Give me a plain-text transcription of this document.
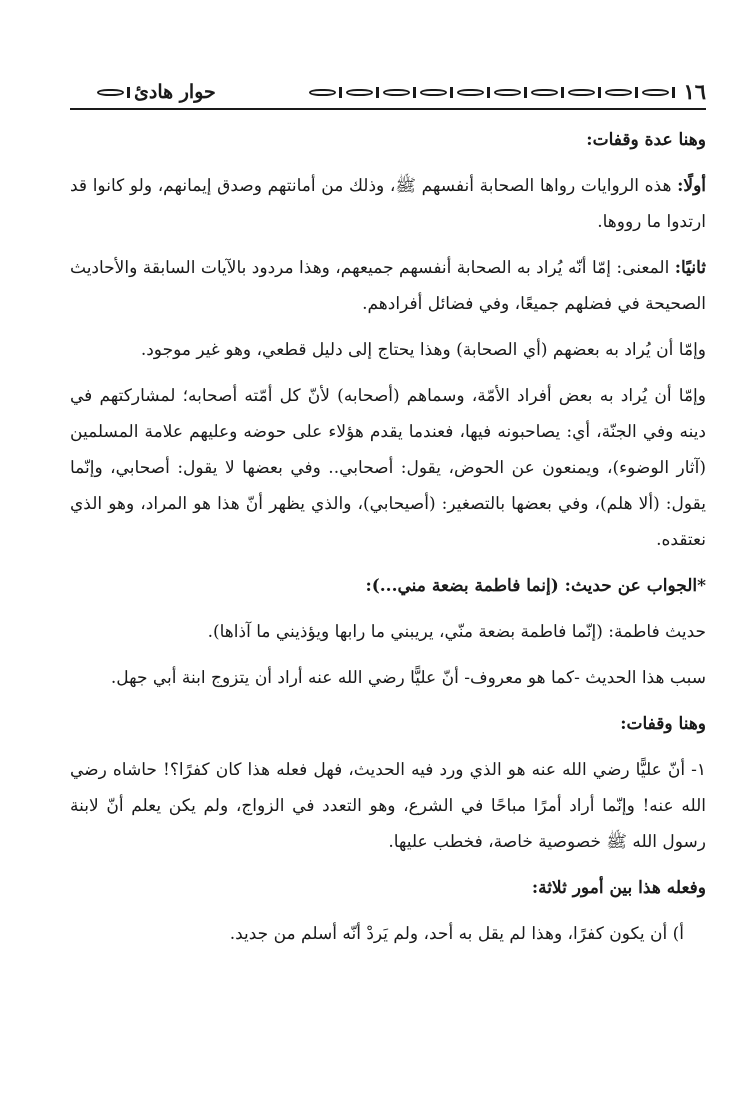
١٦
حوار هادئ

وهنا عدة وقفات:

أولًا: هذه الروايات رواها الصحابة أنفسهم ﷺ، وذلك من أمانتهم وصدق إيمانهم، ولو كانوا قد ارتدوا ما رووها.

ثانيًا: المعنى: إمّا أنّه يُراد به الصحابة أنفسهم جميعهم، وهذا مردود بالآيات السابقة والأحاديث الصحيحة في فضلهم جميعًا، وفي فضائل أفرادهم.

وإمّا أن يُراد به بعضهم (أي الصحابة) وهذا يحتاج إلى دليل قطعي، وهو غير موجود.

وإمّا أن يُراد به بعض أفراد الأمّة، وسماهم (أصحابه) لأنّ كل أمّته أصحابه؛ لمشاركتهم في دينه وفي الجنّة، أي: يصاحبونه فيها، فعندما يقدم هؤلاء على حوضه وعليهم علامة المسلمين (آثار الوضوء)، ويمنعون عن الحوض، يقول: أصحابي.. وفي بعضها لا يقول: أصحابي، وإنّما يقول: (ألا هلم)، وفي بعضها بالتصغير: (أصيحابي)، والذي يظهر أنّ هذا هو المراد، وهو الذي نعتقده.

*الجواب عن حديث: (إنما فاطمة بضعة مني...):

حديث فاطمة: (إنّما فاطمة بضعة منّي، يريبني ما رابها ويؤذيني ما آذاها).

سبب هذا الحديث -كما هو معروف- أنّ عليًّا رضي الله عنه أراد أن يتزوج ابنة أبي جهل.

وهنا وقفات:

١- أنّ عليًّا رضي الله عنه هو الذي ورد فيه الحديث، فهل فعله هذا كان كفرًا؟! حاشاه رضي الله عنه! وإنّما أراد أمرًا مباحًا في الشرع، وهو التعدد في الزواج، ولم يكن يعلم أنّ لابنة رسول الله ﷺ خصوصية خاصة، فخطب عليها.

وفعله هذا بين أمور ثلاثة:

أ) أن يكون كفرًا، وهذا لم يقل به أحد، ولم يَردْ أنّه أسلم من جديد.
